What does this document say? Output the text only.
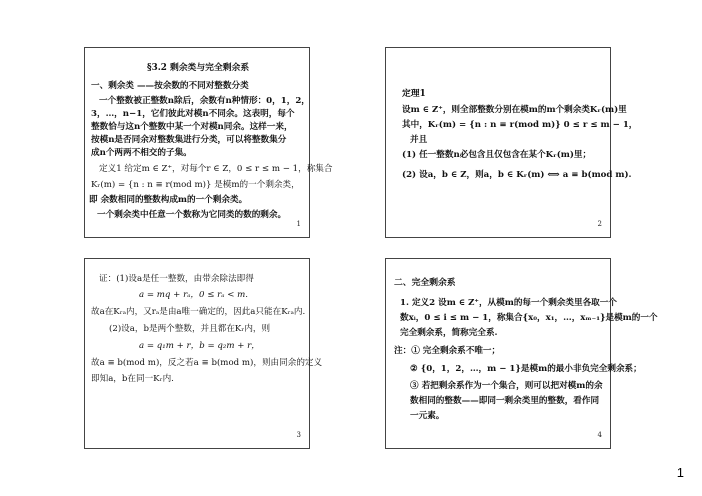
§3.2 剩余类与完全剩余系
一、剩余类 ——按余数的不同对整数分类
一个整数被正整数n除后，余数有n种情形：0，1，2，
3，…，n−1，它们彼此对模n不同余。这表明，每个
整数恰与这n个整数中某一个对模n同余。这样一来，
按模n是否同余对整数集进行分类，可以将整数集分
成n个两两不相交的子集。
定义1 给定m ∈ Z⁺，对每个r ∈ Z，0 ≤ r ≤ m − 1，称集合
Kᵣ(m) = {n : n ≡ r(mod m)} 是模m的一个剩余类，
即 余数相同的整数构成m的一个剩余类。
一个剩余类中任意一个数称为它同类的数的剩余。
1
定理1
设m ∈ Z⁺，则全部整数分别在模m的m个剩余类Kᵣ(m)里
其中，Kᵣ(m) = {n : n ≡ r(mod m)} 0 ≤ r ≤ m − 1，
并且
(1) 任一整数n必包含且仅包含在某个Kᵣ(m)里；
(2) 设a，b ∈ Z，则a，b ∈ Kᵣ(m) ⟺ a ≡ b(mod m).
2
证：(1)设a是任一整数，由带余除法即得
a = mq + rₐ，0 ≤ rₐ < m.
故a在Kᵣₐ内，又rₐ是由a唯一确定的，因此a只能在Kᵣₐ内.
(2)设a，b是两个整数，并且都在Kᵣ内，则
a = q₁m + r，b = q₂m + r，
故a ≡ b(mod m)，反之若a ≡ b(mod m)，则由同余的定义
即知a，b在同一Kᵣ内.
3
二、完全剩余系
1. 定义2 设m ∈ Z⁺，从模m的每一个剩余类里各取一个
数xᵢ，0 ≤ i ≤ m − 1，称集合{x₀，x₁，…，xₘ₋₁}是模m的一个
完全剩余系，简称完全系.
注：① 完全剩余系不唯一；
② {0，1，2，…，m − 1}是模m的最小非负完全剩余系；
③ 若把剩余系作为一个集合，则可以把对模m的余
数相同的整数——即同一剩余类里的整数，看作同
一元素。
4
1
